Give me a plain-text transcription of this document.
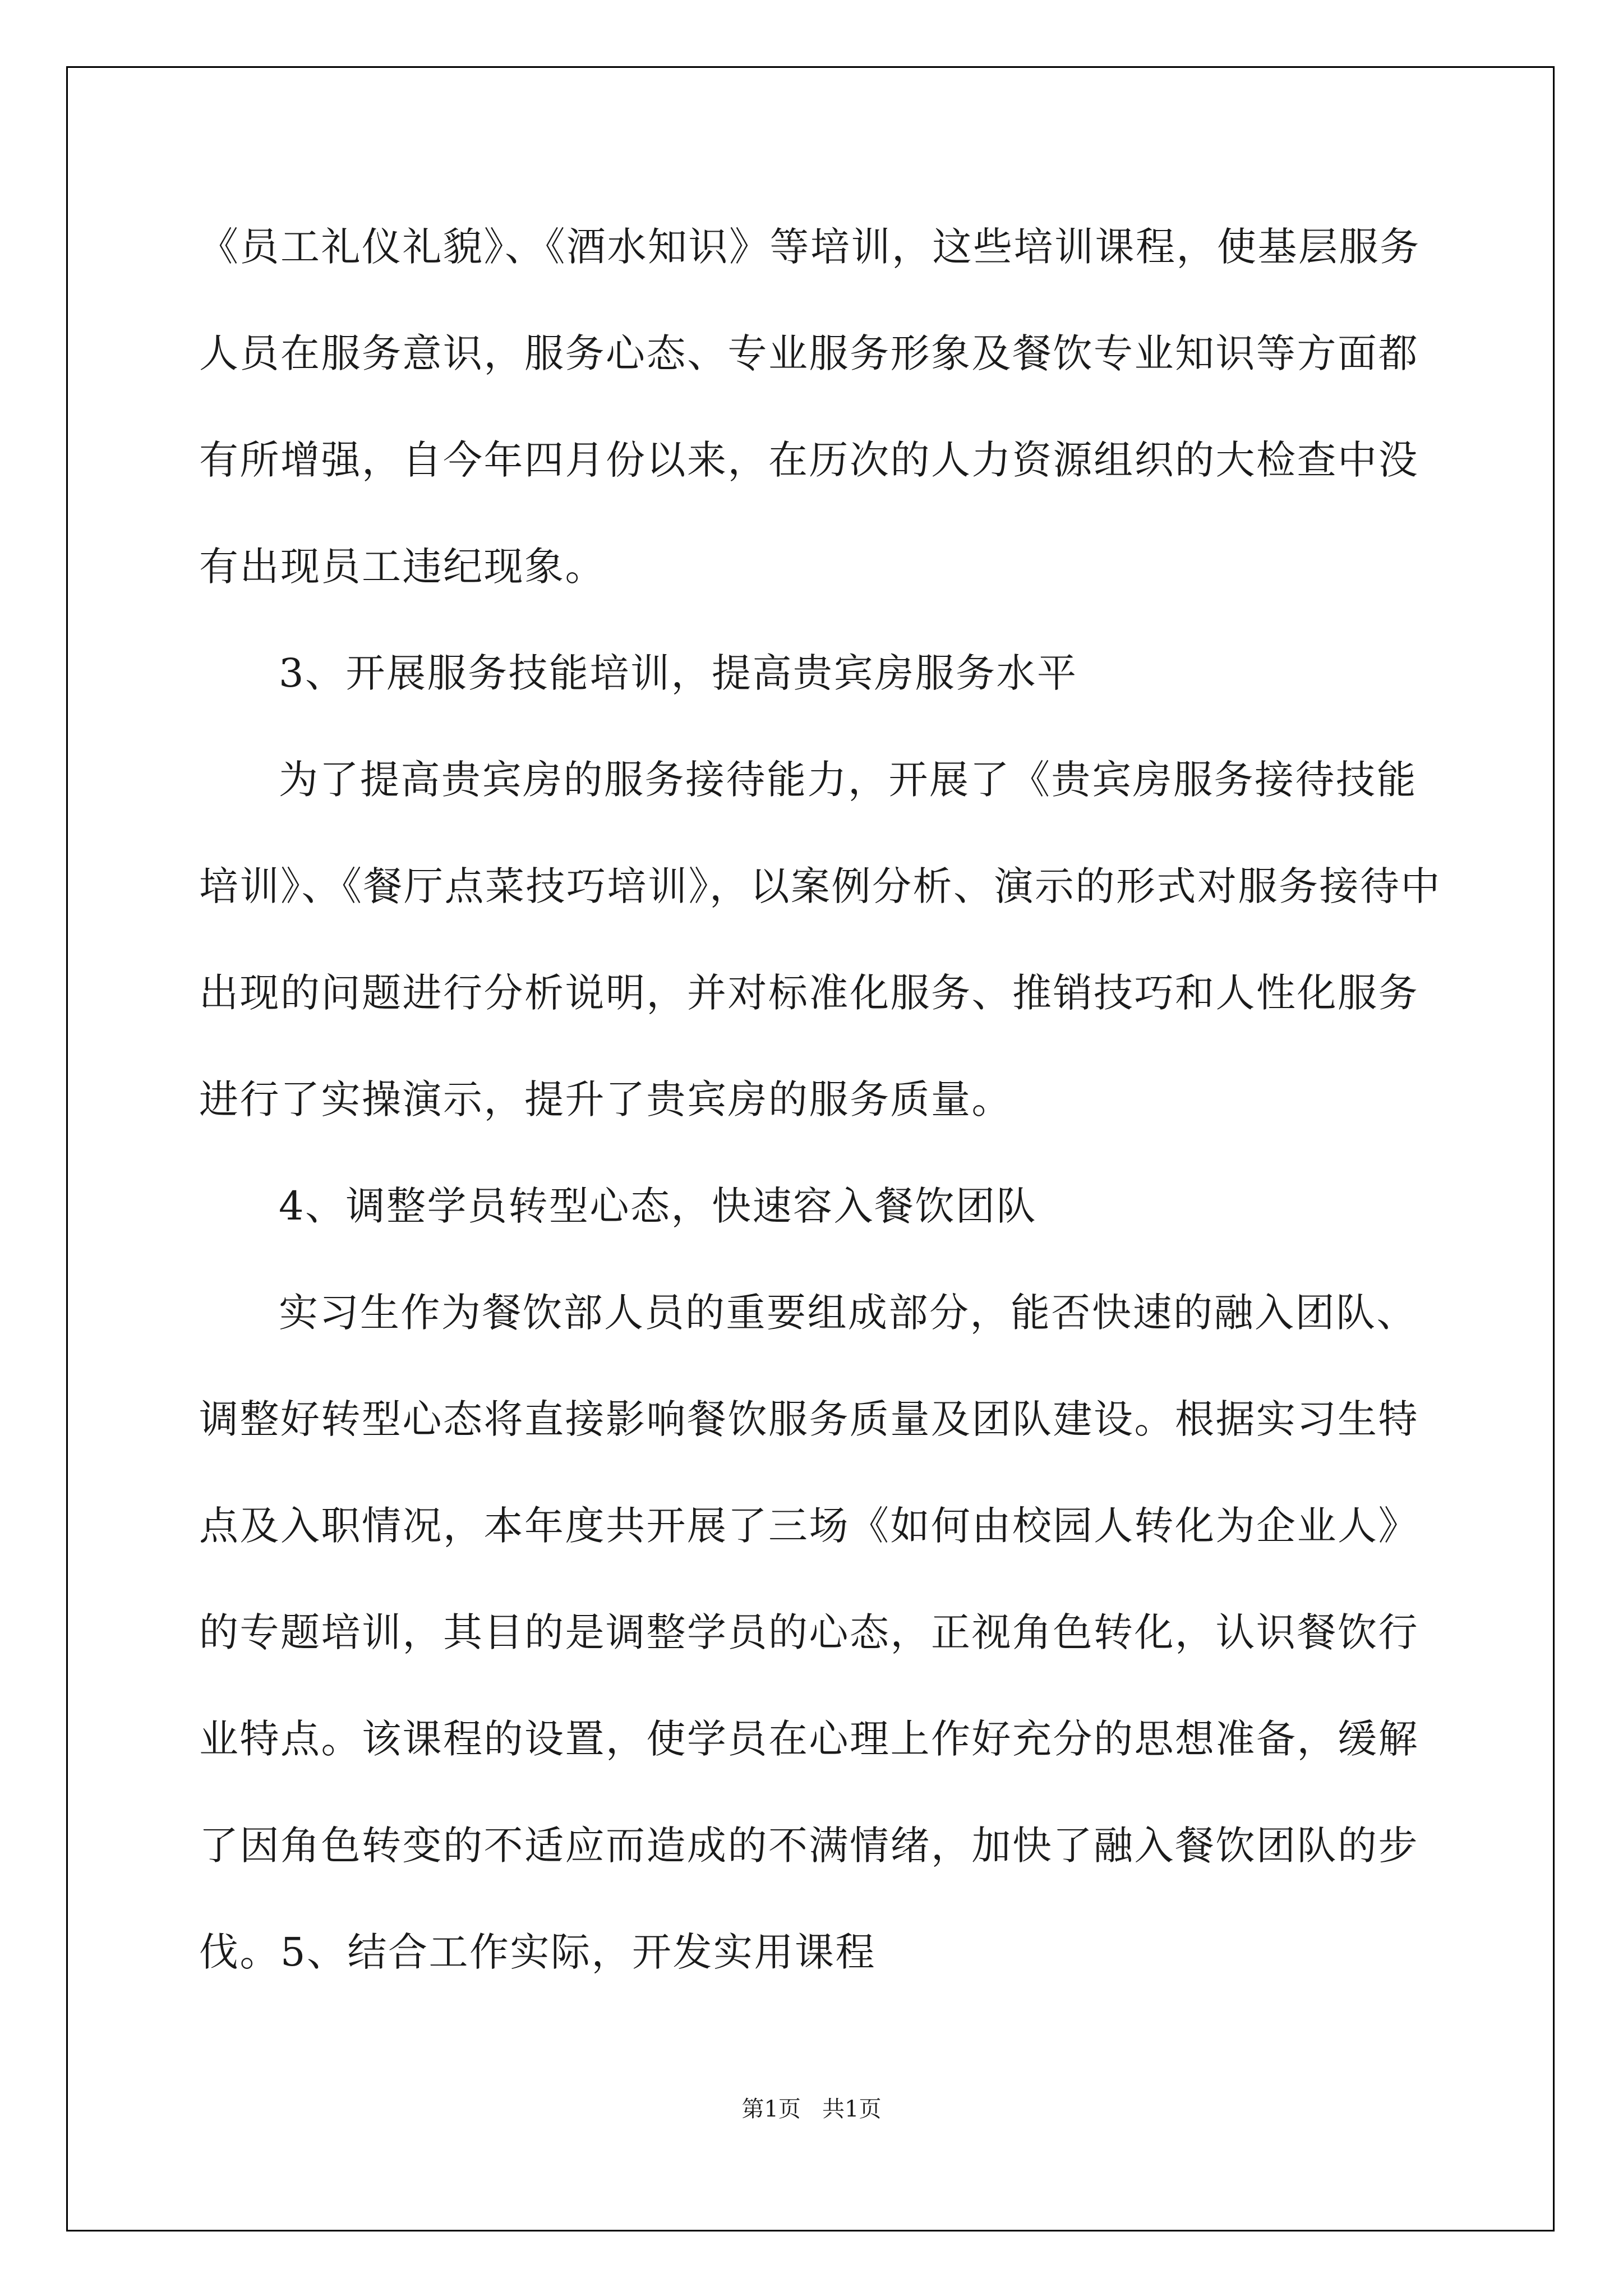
《员工礼仪礼貌》、《酒水知识》等培训，这些培训课程，使基层服务
人员在服务意识，服务心态、专业服务形象及餐饮专业知识等方面都
有所增强，自今年四月份以来，在历次的人力资源组织的大检查中没
有出现员工违纪现象。
3、开展服务技能培训，提高贵宾房服务水平
为了提高贵宾房的服务接待能力，开展了《贵宾房服务接待技能
培训》、《餐厅点菜技巧培训》，以案例分析、演示的形式对服务接待中
出现的问题进行分析说明，并对标准化服务、推销技巧和人性化服务
进行了实操演示，提升了贵宾房的服务质量。
4、调整学员转型心态，快速容入餐饮团队
实习生作为餐饮部人员的重要组成部分，能否快速的融入团队、
调整好转型心态将直接影响餐饮服务质量及团队建设。根据实习生特
点及入职情况，本年度共开展了三场《如何由校园人转化为企业人》
的专题培训，其目的是调整学员的心态，正视角色转化，认识餐饮行
业特点。该课程的设置，使学员在心理上作好充分的思想准备，缓解
了因角色转变的不适应而造成的不满情绪，加快了融入餐饮团队的步
伐。5、结合工作实际，开发实用课程
第1页   共1页
